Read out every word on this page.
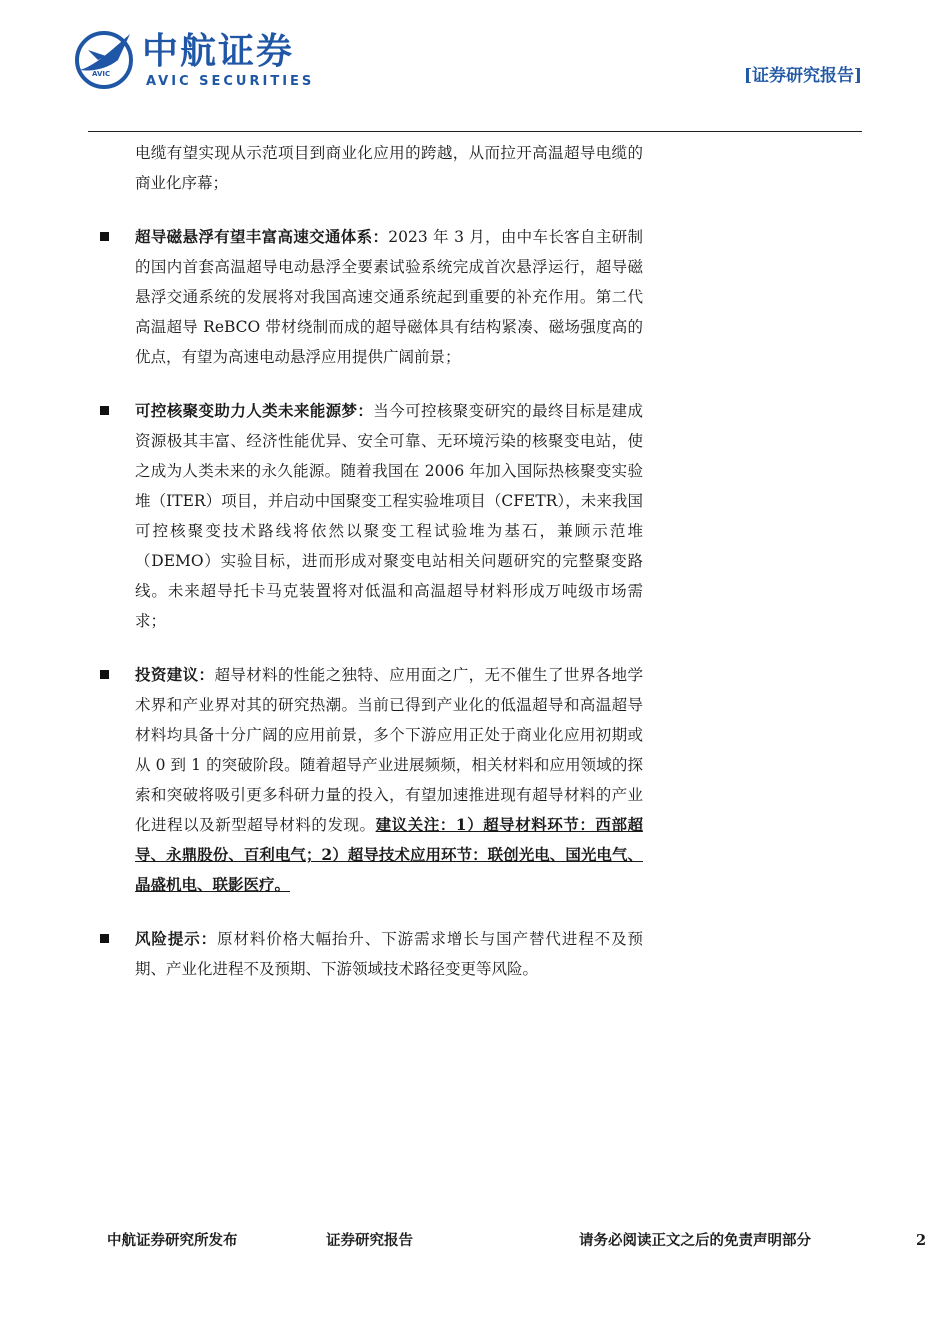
AVIC
中航证券
AVIC SECURITIES	[证券研究报告]

电缆有望实现从示范项目到商业化应用的跨越，从而拉开高温超导电缆的商业化序幕；

超导磁悬浮有望丰富高速交通体系：2023 年 3 月，由中车长客自主研制的国内首套高温超导电动悬浮全要素试验系统完成首次悬浮运行，超导磁悬浮交通系统的发展将对我国高速交通系统起到重要的补充作用。第二代高温超导 ReBCO 带材绕制而成的超导磁体具有结构紧凑、磁场强度高的优点，有望为高速电动悬浮应用提供广阔前景；

可控核聚变助力人类未来能源梦：当今可控核聚变研究的最终目标是建成资源极其丰富、经济性能优异、安全可靠、无环境污染的核聚变电站，使之成为人类未来的永久能源。随着我国在 2006 年加入国际热核聚变实验堆（ITER）项目，并启动中国聚变工程实验堆项目（CFETR），未来我国可控核聚变技术路线将依然以聚变工程试验堆为基石，兼顾示范堆（DEMO）实验目标，进而形成对聚变电站相关问题研究的完整聚变路线。未来超导托卡马克装置将对低温和高温超导材料形成万吨级市场需求；

投资建议：超导材料的性能之独特、应用面之广，无不催生了世界各地学术界和产业界对其的研究热潮。当前已得到产业化的低温超导和高温超导材料均具备十分广阔的应用前景，多个下游应用正处于商业化应用初期或从 0 到 1 的突破阶段。随着超导产业进展频频，相关材料和应用领域的探索和突破将吸引更多科研力量的投入，有望加速推进现有超导材料的产业化进程以及新型超导材料的发现。建议关注：1）超导材料环节：西部超导、永鼎股份、百利电气；2）超导技术应用环节：联创光电、国光电气、晶盛机电、联影医疗。

风险提示：原材料价格大幅抬升、下游需求增长与国产替代进程不及预期、产业化进程不及预期、下游领域技术路径变更等风险。

中航证券研究所发布	证券研究报告	请务必阅读正文之后的免责声明部分	2
